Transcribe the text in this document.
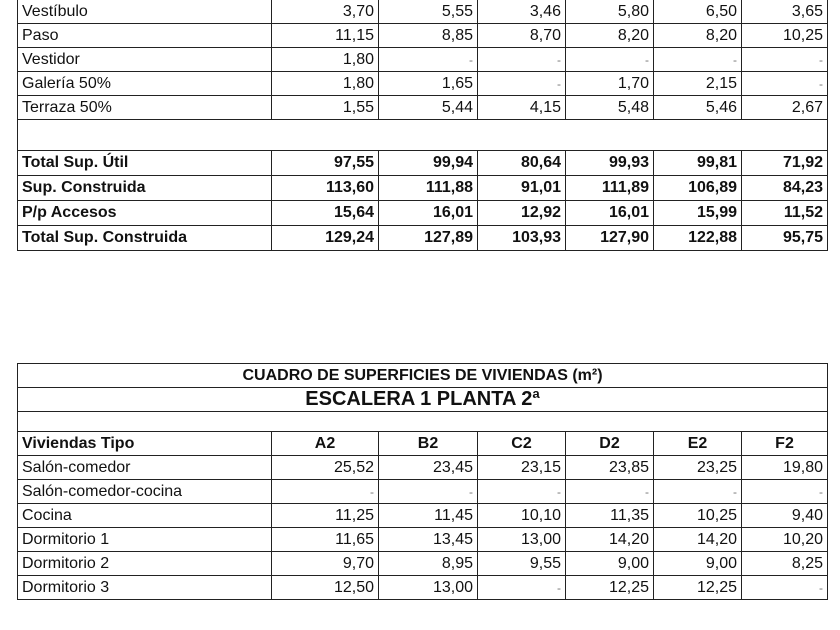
Vestíbulo	3,70	5,55	3,46	5,80	6,50	3,65
Paso	11,15	8,85	8,70	8,20	8,20	10,25
Vestidor	1,80	-	-	-	-	-
Galería 50%	1,80	1,65	-	1,70	2,15	-
Terraza 50%	1,55	5,44	4,15	5,48	5,46	2,67

Total Sup. Útil	97,55	99,94	80,64	99,93	99,81	71,92
Sup. Construida	113,60	111,88	91,01	111,89	106,89	84,23
P/p Accesos	15,64	16,01	12,92	16,01	15,99	11,52
Total Sup. Construida	129,24	127,89	103,93	127,90	122,88	95,75
CUADRO DE SUPERFICIES DE VIVIENDAS (m²)						
ESCALERA 1 PLANTA 2ª						

Viviendas Tipo	A2	B2	C2	D2	E2	F2
Salón-comedor	25,52	23,45	23,15	23,85	23,25	19,80
Salón-comedor-cocina	-	-	-	-	-	-
Cocina	11,25	11,45	10,10	11,35	10,25	9,40
Dormitorio 1	11,65	13,45	13,00	14,20	14,20	10,20
Dormitorio 2	9,70	8,95	9,55	9,00	9,00	8,25
Dormitorio 3	12,50	13,00	-	12,25	12,25	-
